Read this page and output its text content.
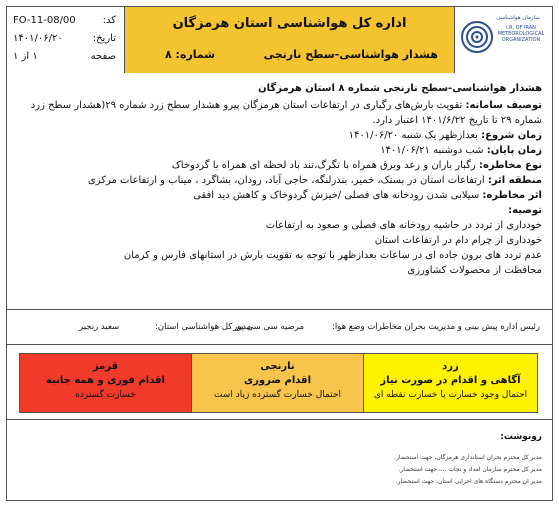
سازمان هواشناسی
I.R. OF IRAN METEOROLOGICAL ORGANIZATION
اداره کل هواشناسی استان هرمزگان
هشدار هواشناسی-سطح نارنجی
شماره: ۸
کد:
FO-11-08/00
تاریخ:
۱۴۰۱/۰۶/۲۰
صفحه
۱ از ۱

هشدار هواشناسی-سطح نارنجی شماره ۸ استان هرمزگان

توصیف سامانه: تقویت بارش‌های رگباری در ارتفاعات استان هرمزگان پیرو هشدار سطح زرد شماره ۲۹(هشدار سطح زرد شماره ۲۹ تا تاریخ ۱۴۰۱/۶/۲۲ اعتبار دارد.

زمان شروع: بعدازظهر یک شنبه ۱۴۰۱/۰۶/۲۰

زمان پایان: شب دوشنبه ۱۴۰۱/۰۶/۲۱

نوع مخاطره: رگبار باران و رعد وبرق همراه با تگرگ،تند باد لحظه ای همراه با گردوخاک

منطقه اثر: ارتفاعات استان در بستک، خمیر، بندرلنگه، حاجی آباد، رودان، بشاگرد ، میناب و ارتفاعات مرکزی

اثر مخاطره: سیلابی شدن رودخانه های فصلی /خیزش گردوخاک و کاهش دید افقی

توصیه:

خودداری از تردد در حاشیه رودخانه های فصلی و صعود به ارتفاعات

خودداری از چرام دام در ارتفاعات استان

عدم تردد های برون جاده ای در ساعات بعدازظهر با توجه به تقویت بارش در استانهای فارس و کرمان

محافظت از محصولات کشاورزی

رئیس اداره پیش بینی و مدیریت بحران مخاطرات وضع هوا:
مرضیه سی سی پور
مدیر کل هواشناسی استان:
سعید رنجبر
زرد
آگاهی و اقدام در صورت نیاز
احتمال وجود خسارت یا خسارت نقطه ای
نارنجی
اقدام ضروری
احتمال خسارت گسترده زیاد است
قرمز
اقدام فوری و همه جانبه
خسارت گسترده

رونوشت:

مدیر کل محترم بحران استانداری هرمزگان، جهت استحضار.

مدیر کل محترم سازمان امداد و نجات ...، جهت استحضار.

مدیر ان محترم دستگاه های اجرایی استان، جهت استحضار.
